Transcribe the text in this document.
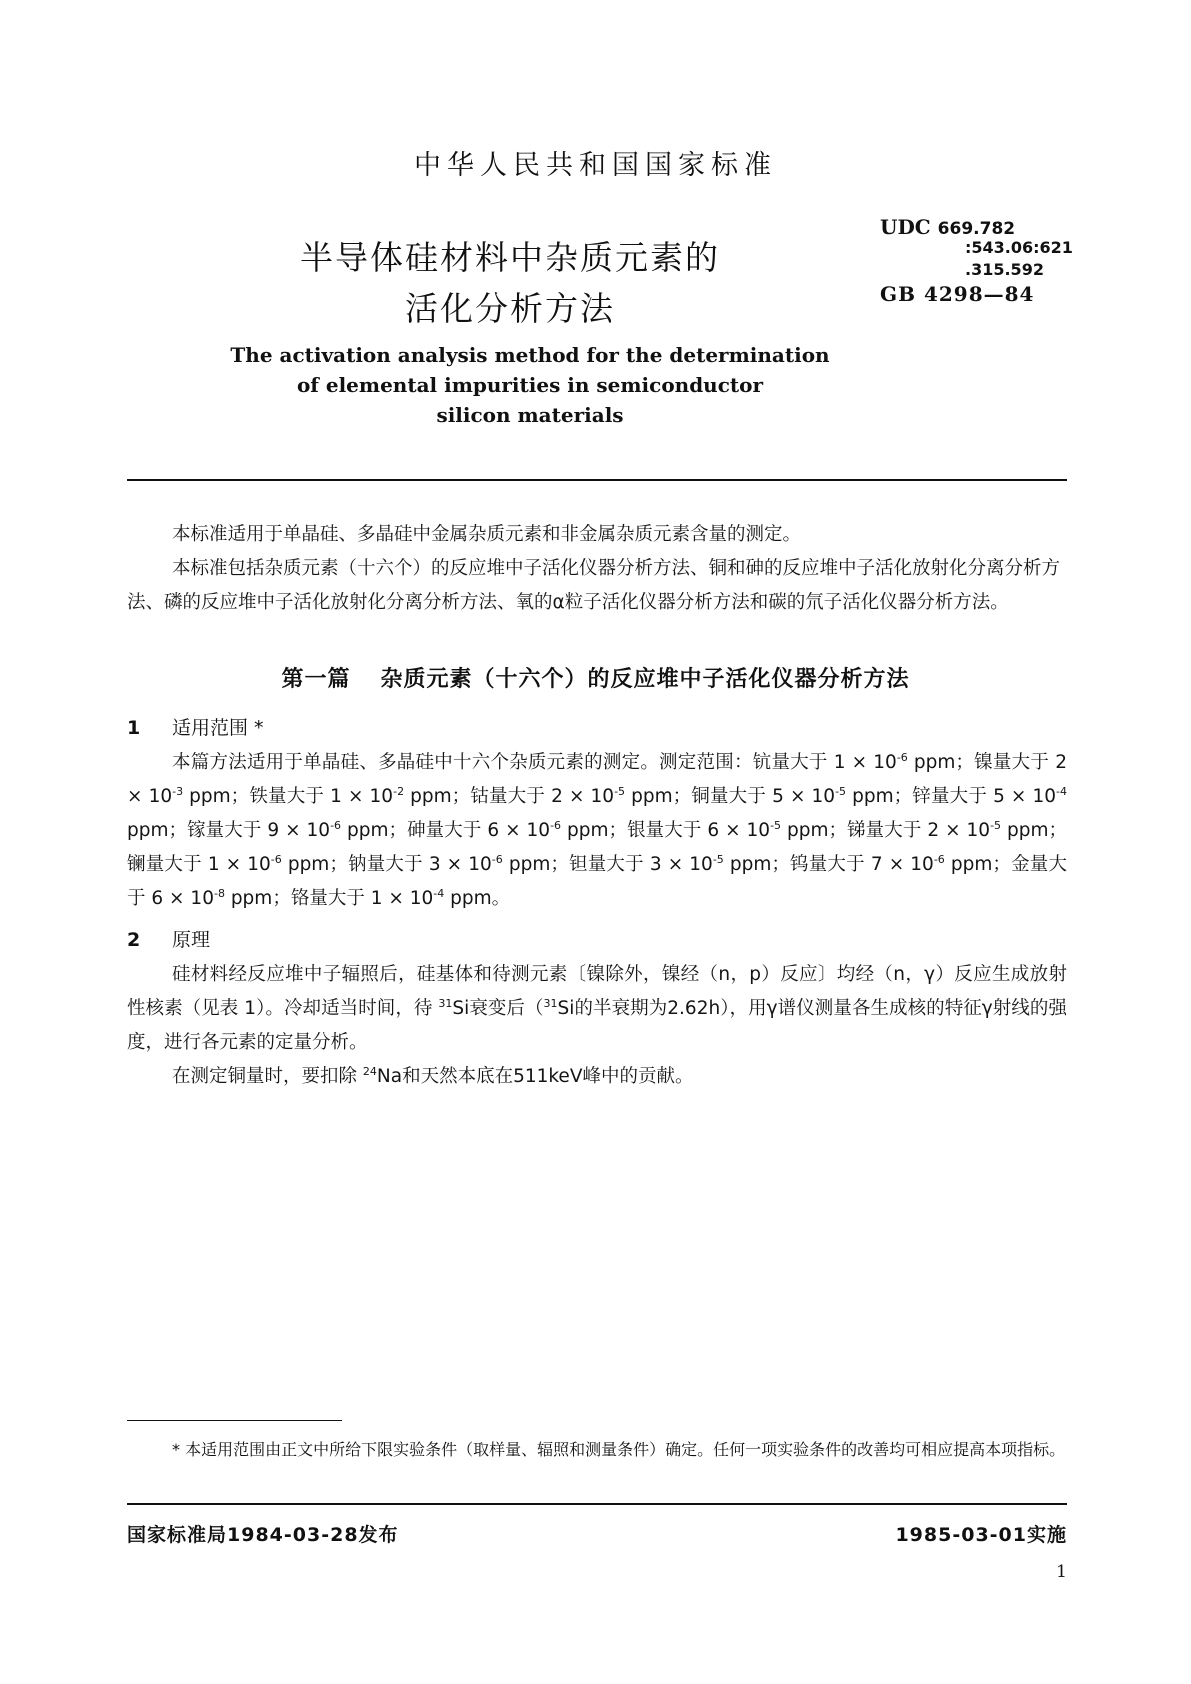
中华人民共和国国家标准
半导体硅材料中杂质元素的
活化分析方法
UDC 669.782
:543.06:621
.315.592
GB 4298—84
The activation analysis method for the determination
of elemental impurities in semiconductor
silicon materials
本标准适用于单晶硅、多晶硅中金属杂质元素和非金属杂质元素含量的测定。
本标准包括杂质元素（十六个）的反应堆中子活化仪器分析方法、铜和砷的反应堆中子活化放射化分离分析方法、磷的反应堆中子活化放射化分离分析方法、氧的α粒子活化仪器分析方法和碳的氘子活化仪器分析方法。
第一篇 杂质元素（十六个）的反应堆中子活化仪器分析方法
1 适用范围 *
本篇方法适用于单晶硅、多晶硅中十六个杂质元素的测定。测定范围：钪量大于 $1 \times 10^{-6}$ ppm；镍量大于 $2 \times 10^{-3}$ ppm；铁量大于 $1 \times 10^{-2}$ ppm；钴量大于 $2 \times 10^{-5}$ ppm；铜量大于 $5 \times 10^{-5}$ ppm；锌量大于 $5 \times 10^{-4}$ ppm；镓量大于 $9 \times 10^{-6}$ ppm；砷量大于 $6 \times 10^{-6}$ ppm；银量大于 $6 \times 10^{-5}$ ppm；锑量大于 $2 \times 10^{-5}$ ppm；镧量大于 $1 \times 10^{-6}$ ppm；钠量大于 $3 \times 10^{-6}$ ppm；钽量大于 $3 \times 10^{-5}$ ppm；钨量大于 $7 \times 10^{-6}$ ppm；金量大于 $6 \times 10^{-8}$ ppm；铬量大于 $1 \times 10^{-4}$ ppm。
2 原理
硅材料经反应堆中子辐照后，硅基体和待测元素〔镍除外，镍经（n，p）反应〕均经（n，γ）反应生成放射性核素（见表 1）。冷却适当时间，待 $^{31}$Si衰变后（$^{31}$Si的半衰期为2.62h），用γ谱仪测量各生成核的特征γ射线的强度，进行各元素的定量分析。
在测定铜量时，要扣除 $^{24}$Na和天然本底在511keV峰中的贡献。
* 本适用范围由正文中所给下限实验条件（取样量、辐照和测量条件）确定。任何一项实验条件的改善均可相应提高本项指标。
国家标准局1984-03-28发布	1985-03-01实施
1
